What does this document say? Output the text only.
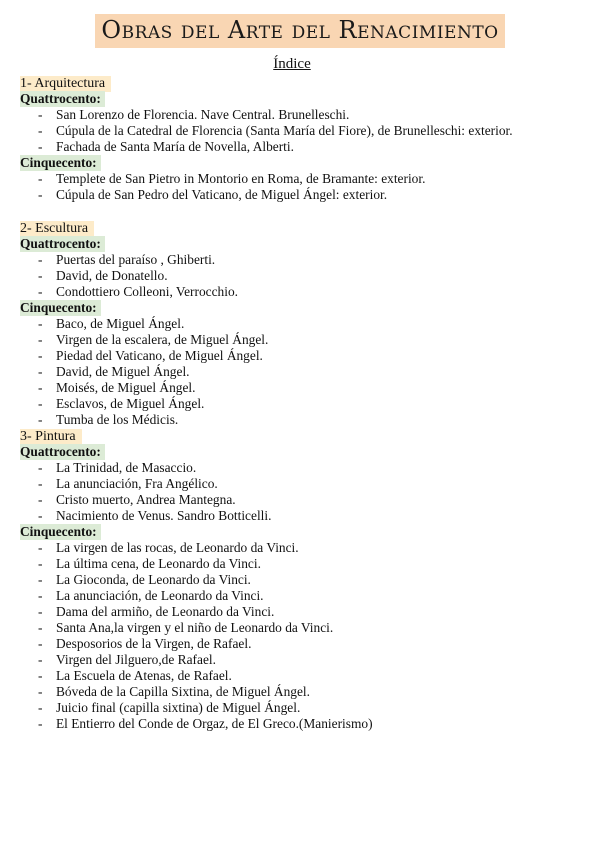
Obras del Arte del Renacimiento
Índice
1- Arquitectura
Quattrocento:
- San Lorenzo de Florencia. Nave Central. Brunelleschi.
- Cúpula de la Catedral de Florencia (Santa María del Fiore), de Brunelleschi: exterior.
- Fachada de Santa María de Novella, Alberti.
Cinquecento:
- Templete de San Pietro in Montorio en Roma, de Bramante: exterior.
- Cúpula de San Pedro del Vaticano, de Miguel Ángel: exterior.
2- Escultura
Quattrocento:
- Puertas del paraíso , Ghiberti.
- David, de Donatello.
- Condottiero Colleoni, Verrocchio.
Cinquecento:
- Baco, de Miguel Ángel.
- Virgen de la escalera, de Miguel Ángel.
- Piedad del Vaticano, de Miguel Ángel.
- David, de Miguel Ángel.
- Moisés, de Miguel Ángel.
- Esclavos, de Miguel Ángel.
- Tumba de los Médicis.
3- Pintura
Quattrocento:
- La Trinidad, de Masaccio.
- La anunciación, Fra Angélico.
- Cristo muerto, Andrea Mantegna.
- Nacimiento de Venus. Sandro Botticelli.
Cinquecento:
- La virgen de las rocas, de Leonardo da Vinci.
- La última cena, de Leonardo da Vinci.
- La Gioconda, de Leonardo da Vinci.
- La anunciación, de Leonardo da Vinci.
- Dama del armiño, de Leonardo da Vinci.
- Santa Ana,la virgen y el niño de Leonardo da Vinci.
- Desposorios de la Virgen, de Rafael.
- Virgen del Jilguero,de Rafael.
- La Escuela de Atenas, de Rafael.
- Bóveda de la Capilla Sixtina, de Miguel Ángel.
- Juicio final (capilla sixtina) de Miguel Ángel.
- El Entierro del Conde de Orgaz, de El Greco.(Manierismo)
